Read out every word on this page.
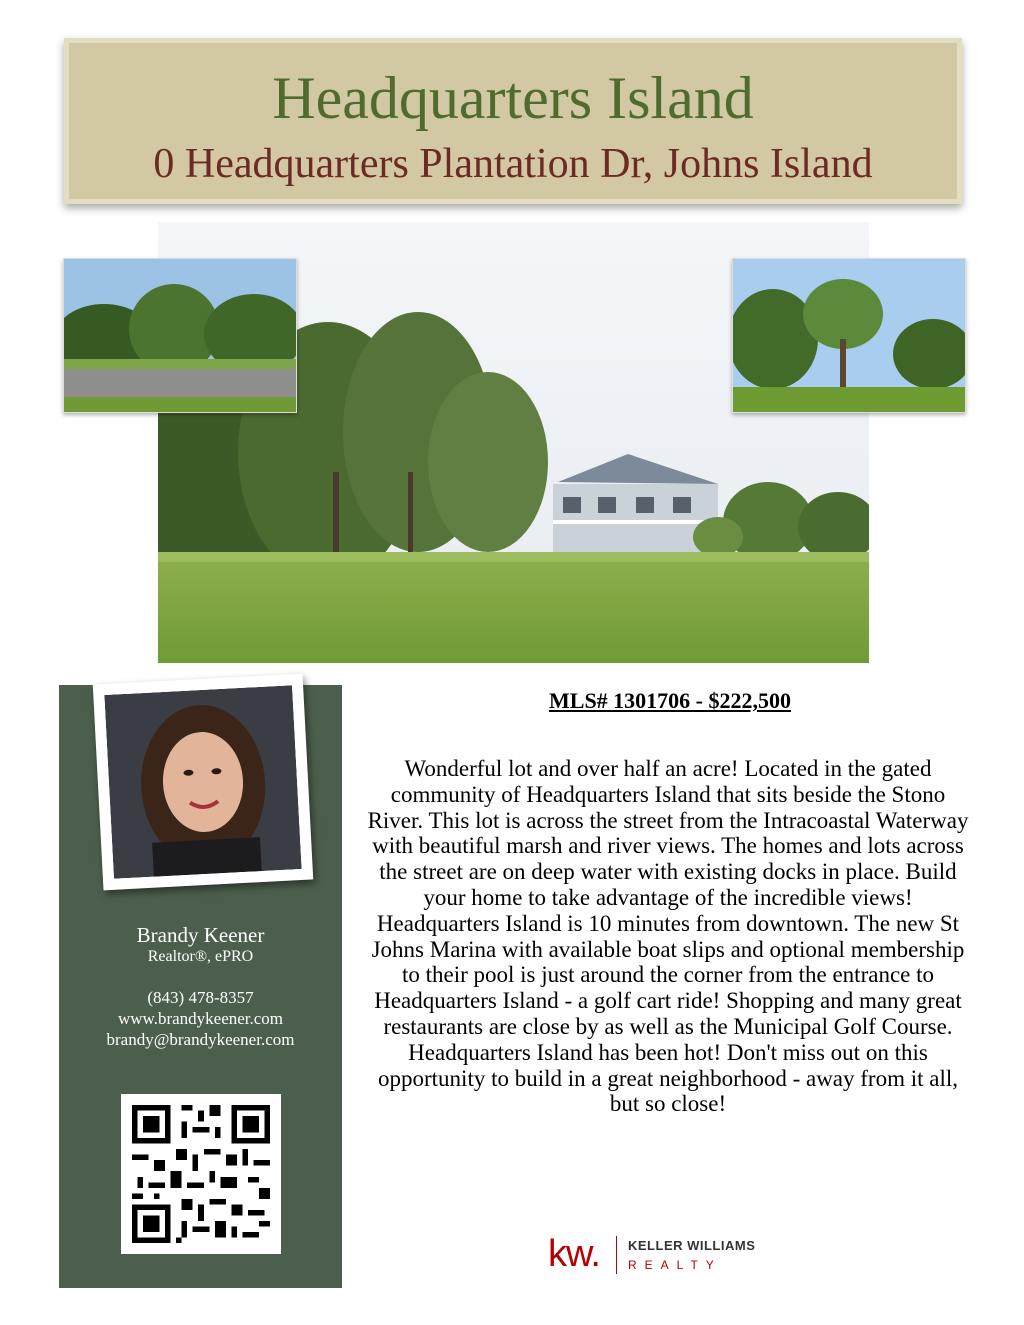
Headquarters Island
0 Headquarters Plantation Dr, Johns Island
Brandy Keener
Realtor®, ePRO
(843) 478-8357
www.brandykeener.com
brandy@brandykeener.com
MLS# 1301706 - $222,500
Wonderful lot and over half an acre! Located in the gated community of Headquarters Island that sits beside the Stono River. This lot is across the street from the Intracoastal Waterway with beautiful marsh and river views. The homes and lots across the street are on deep water with existing docks in place. Build your home to take advantage of the incredible views! Headquarters Island is 10 minutes from downtown. The new St Johns Marina with available boat slips and optional membership to their pool is just around the corner from the entrance to Headquarters Island - a golf cart ride! Shopping and many great restaurants are close by as well as the Municipal Golf Course. Headquarters Island has been hot! Don't miss out on this opportunity to build in a great neighborhood - away from it all, but so close!
kw. KELLER WILLIAMS
REALTY
